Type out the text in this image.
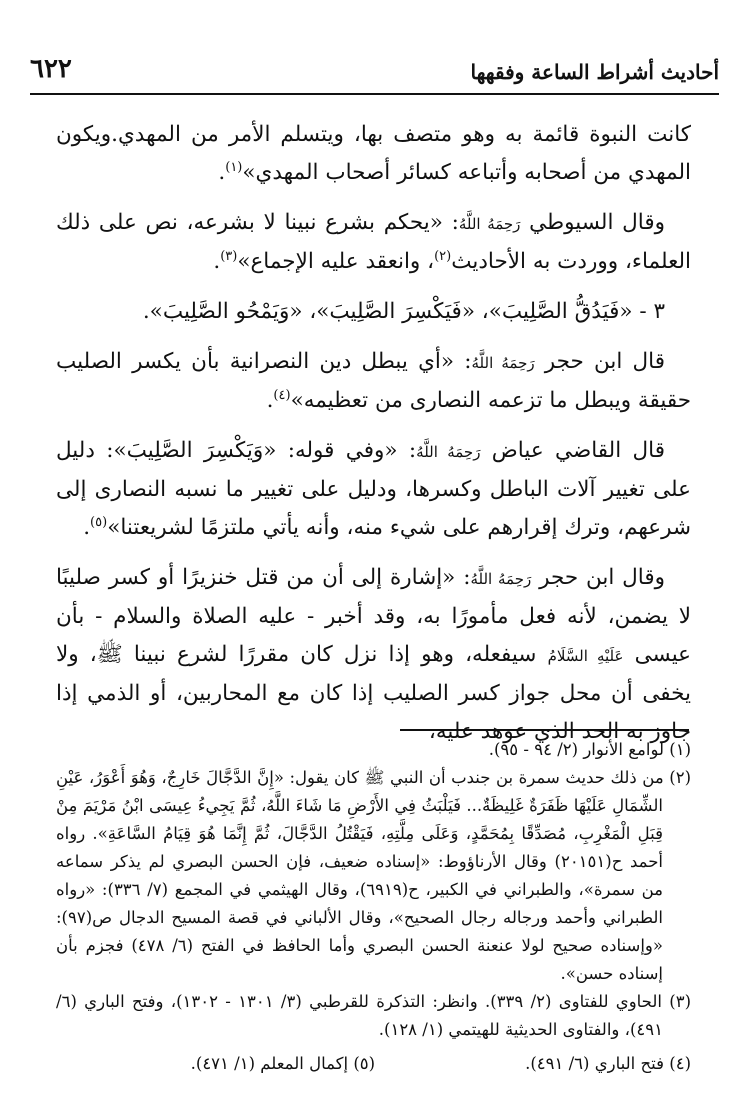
أحاديث أشراط الساعة وفقهها
٦٢٢

كانت النبوة قائمة به وهو متصف بها، ويتسلم الأمر من المهدي.ويكون المهدي من أصحابه وأتباعه كسائر أصحاب المهدي»$^{(١)}$.

وقال السيوطي رَحِمَهُ اللَّهُ: «يحكم بشرع نبينا لا بشرعه، نص على ذلك العلماء، ووردت به الأحاديث$^{(٢)}$، وانعقد عليه الإجماع»$^{(٣)}$.

٣ - «فَيَدُقُّ الصَّلِيبَ»، «فَيَكْسِرَ الصَّلِيبَ»، «وَيَمْحُو الصَّلِيبَ».

قال ابن حجر رَحِمَهُ اللَّهُ: «أي يبطل دين النصرانية بأن يكسر الصليب حقيقة ويبطل ما تزعمه النصارى من تعظيمه»$^{(٤)}$.

قال القاضي عياض رَحِمَهُ اللَّهُ: «وفي قوله: «وَيَكْسِرَ الصَّلِيبَ»: دليل على تغيير آلات الباطل وكسرها، ودليل على تغيير ما نسبه النصارى إلى شرعهم، وترك إقرارهم على شيء منه، وأنه يأتي ملتزمًا لشريعتنا»$^{(٥)}$.

وقال ابن حجر رَحِمَهُ اللَّهُ: «إشارة إلى أن من قتل خنزيرًا أو كسر صليبًا لا يضمن، لأنه فعل مأمورًا به، وقد أخبر - عليه الصلاة والسلام - بأن عيسى عَلَيْهِ السَّلَامُ سيفعله، وهو إذا نزل كان مقررًا لشرع نبينا ﷺ، ولا يخفى أن محل جواز كسر الصليب إذا كان مع المحاربين، أو الذمي إذا جاوز به الحد الذي عوهد عليه،

(١) لوامع الأنوار (٢/ ٩٤ - ٩٥).

(٢) من ذلك حديث سمرة بن جندب أن النبي ﷺ كان يقول: «إِنَّ الدَّجَّالَ خَارِجٌ، وَهُوَ أَعْوَرُ، عَيْنِ الشِّمَالِ عَلَيْهَا ظَفَرَةٌ غَلِيظَةٌ... فَيَلْبَثُ فِي الأَرْضِ مَا شَاءَ اللَّهُ، ثُمَّ يَجِيءُ عِيسَى ابْنُ مَرْيَمَ مِنْ قِبَلِ الْمَغْرِبِ، مُصَدِّقًا بِمُحَمَّدٍ، وَعَلَى مِلَّتِهِ، فَيَقْتُلُ الدَّجَّالَ، ثُمَّ إِنَّمَا هُوَ قِيَامُ السَّاعَةِ». رواه أحمد ح(٢٠١٥١) وقال الأرناؤوط: «إسناده ضعيف، فإن الحسن البصري لم يذكر سماعه من سمرة»، والطبراني في الكبير، ح(٦٩١٩)، وقال الهيثمي في المجمع (٧/ ٣٣٦): «رواه الطبراني وأحمد ورجاله رجال الصحيح»، وقال الألباني في قصة المسيح الدجال ص(٩٧): «وإسناده صحيح لولا عنعنة الحسن البصري وأما الحافظ في الفتح (٦/ ٤٧٨) فجزم بأن إسناده حسن».

(٣) الحاوي للفتاوى (٢/ ٣٣٩). وانظر: التذكرة للقرطبي (٣/ ١٣٠١ - ١٣٠٢)، وفتح الباري (٦/ ٤٩١)، والفتاوى الحديثية للهيتمي (١/ ١٢٨).

(٤) فتح الباري (٦/ ٤٩١).
(٥) إكمال المعلم (١/ ٤٧١).
